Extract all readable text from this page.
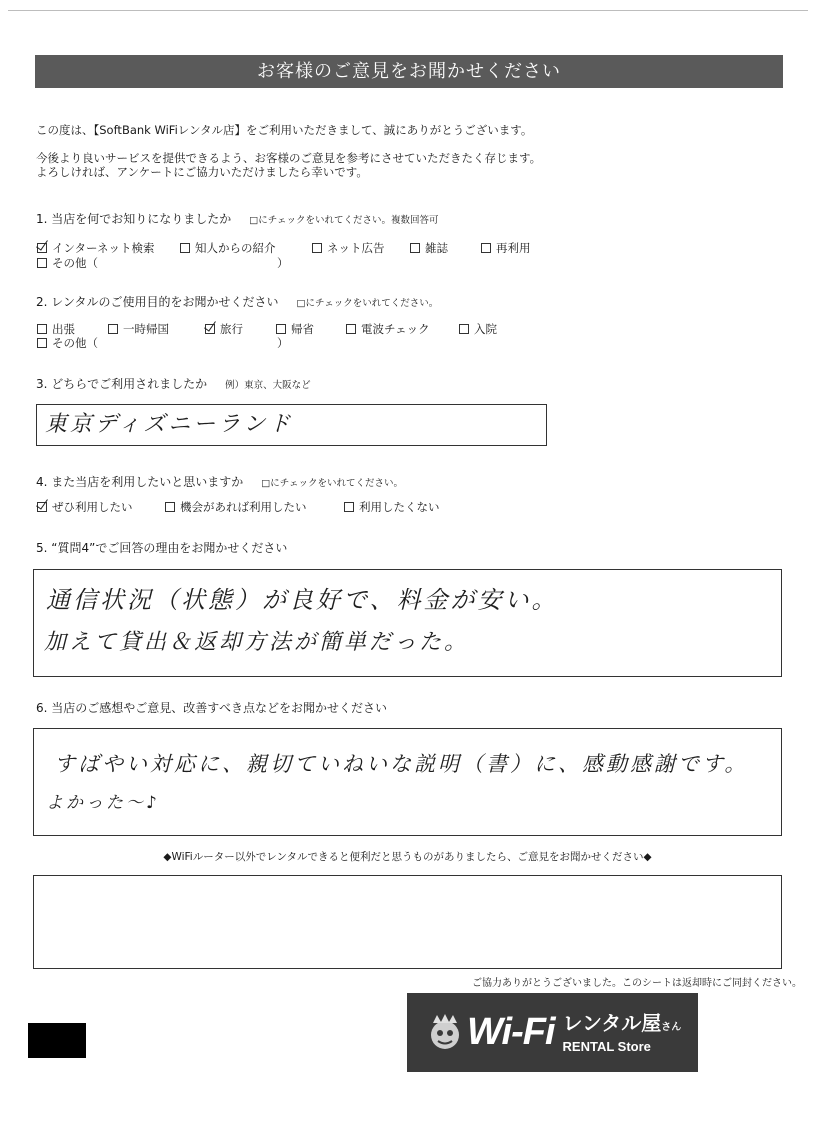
お客様のご意見をお聞かせください
この度は、【SoftBank WiFiレンタル店】をご利用いただきまして、誠にありがとうございます。
今後より良いサービスを提供できるよう、お客様のご意見を参考にさせていただきたく存じます。
よろしければ、アンケートにご協力いただけましたら幸いです。
1. 当店を何でお知りになりましたか □にチェックをいれてください。複数回答可
インターネット検索	知人からの紹介	ネット広告	雑誌	再利用
その他（	）
2. レンタルのご使用目的をお聞かせください □にチェックをいれてください。
出張	一時帰国	旅行	帰省	電波チェック	入院
その他（	）
3. どちらでご利用されましたか 例）東京、大阪など
東京ディズニーランド
4. また当店を利用したいと思いますか □にチェックをいれてください。
ぜひ利用したい	機会があれば利用したい	利用したくない
5. “質問4”でご回答の理由をお聞かせください
通信状況（状態）が良好で、料金が安い。
加えて貸出＆返却方法が簡単だった。
6. 当店のご感想やご意見、改善すべき点などをお聞かせください
すばやい対応に、親切ていねいな説明（書）に、感動感謝です。
よかった〜♪
◆WiFiルーター以外でレンタルできると便利だと思うものがありましたら、ご意見をお聞かせください◆
ご協力ありがとうございました。このシートは返却時にご同封ください。
Wi-Fi レンタル屋さん
RENTAL Store
